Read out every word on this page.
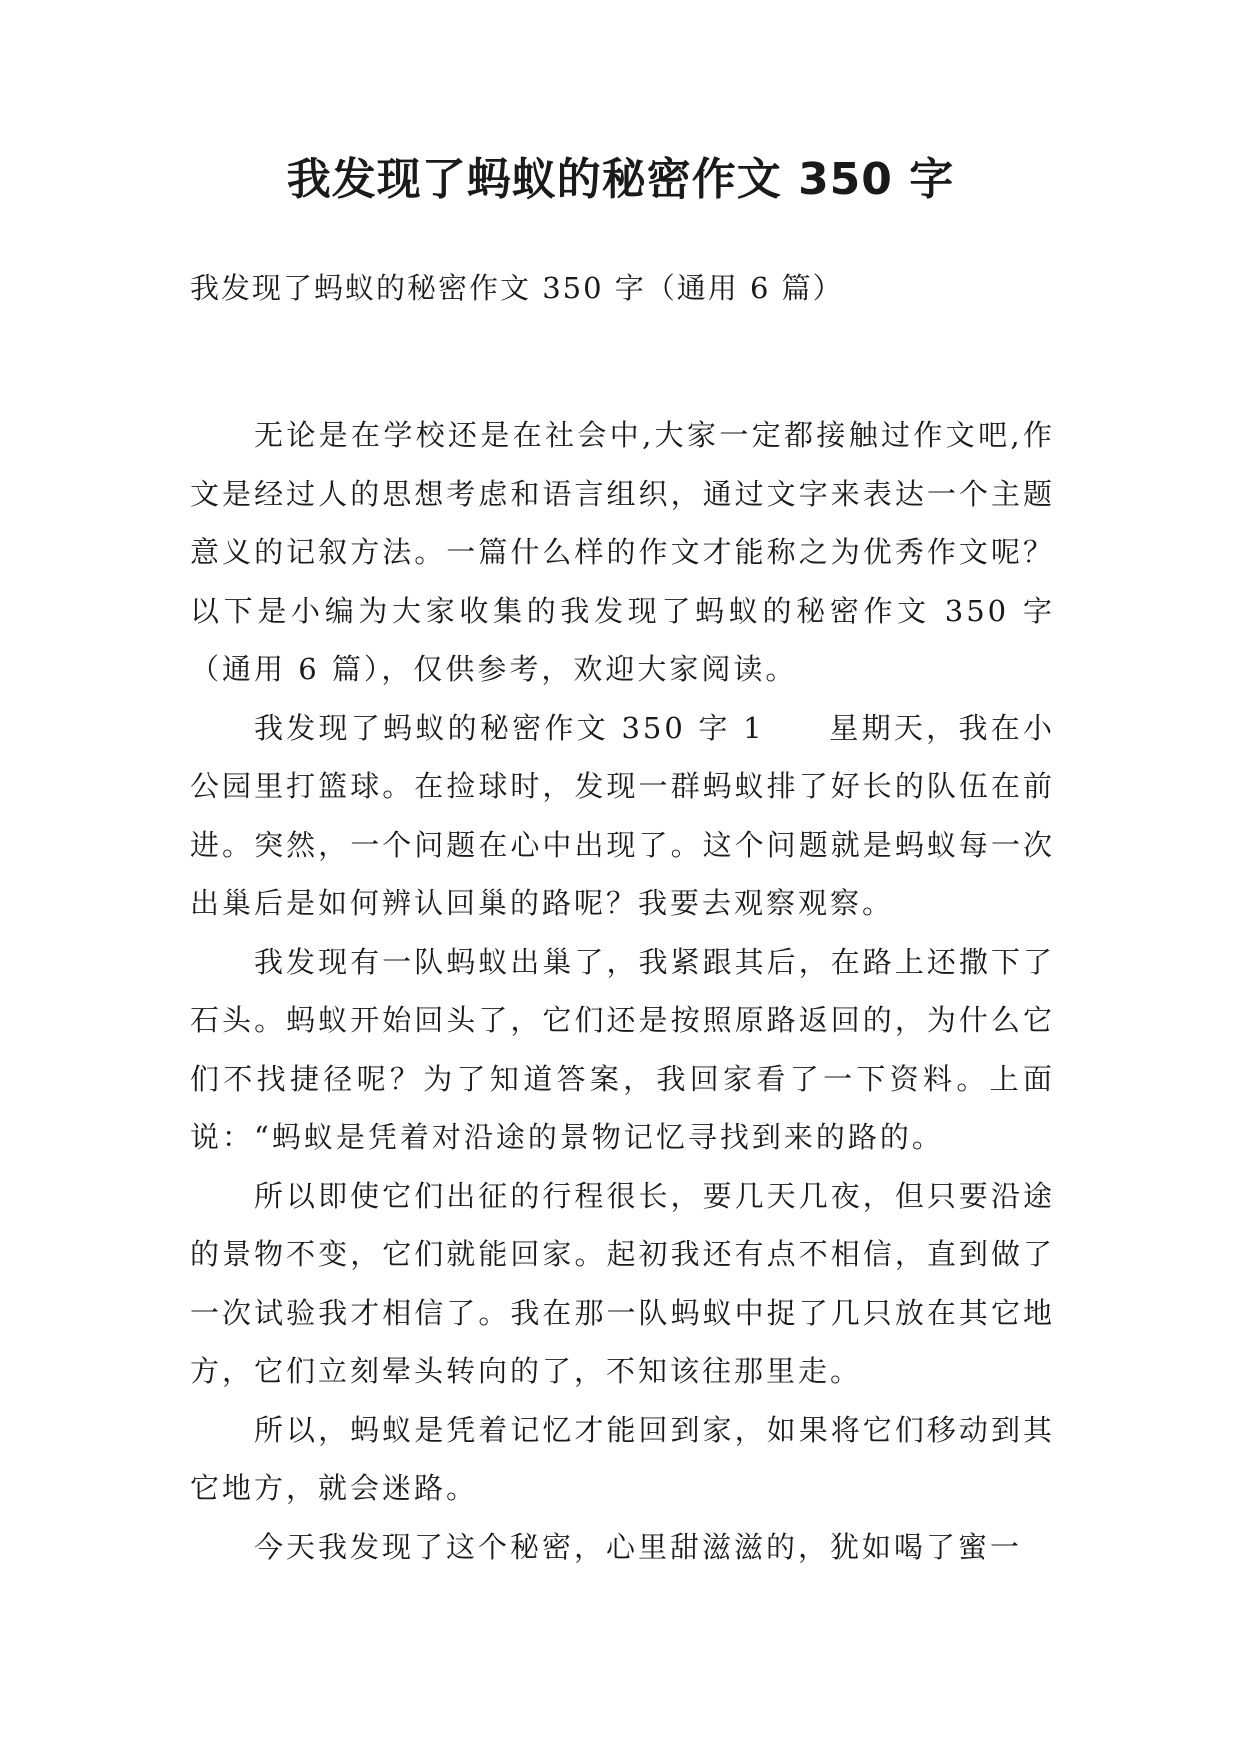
我发现了蚂蚁的秘密作文 350 字

我发现了蚂蚁的秘密作文 350 字（通用 6 篇）

无论是在学校还是在社会中,大家一定都接触过作文吧,作文是经过人的思想考虑和语言组织，通过文字来表达一个主题意义的记叙方法。一篇什么样的作文才能称之为优秀作文呢？以下是小编为大家收集的我发现了蚂蚁的秘密作文 350 字（通用 6 篇），仅供参考，欢迎大家阅读。

我发现了蚂蚁的秘密作文 350 字 1　　星期天，我在小公园里打篮球。在捡球时，发现一群蚂蚁排了好长的队伍在前进。突然，一个问题在心中出现了。这个问题就是蚂蚁每一次出巢后是如何辨认回巢的路呢？我要去观察观察。

我发现有一队蚂蚁出巢了，我紧跟其后，在路上还撒下了石头。蚂蚁开始回头了，它们还是按照原路返回的，为什么它们不找捷径呢？为了知道答案，我回家看了一下资料。上面说：“蚂蚁是凭着对沿途的景物记忆寻找到来的路的。

所以即使它们出征的行程很长，要几天几夜，但只要沿途的景物不变，它们就能回家。起初我还有点不相信，直到做了一次试验我才相信了。我在那一队蚂蚁中捉了几只放在其它地方，它们立刻晕头转向的了，不知该往那里走。

所以，蚂蚁是凭着记忆才能回到家，如果将它们移动到其它地方，就会迷路。

今天我发现了这个秘密，心里甜滋滋的，犹如喝了蜜一
